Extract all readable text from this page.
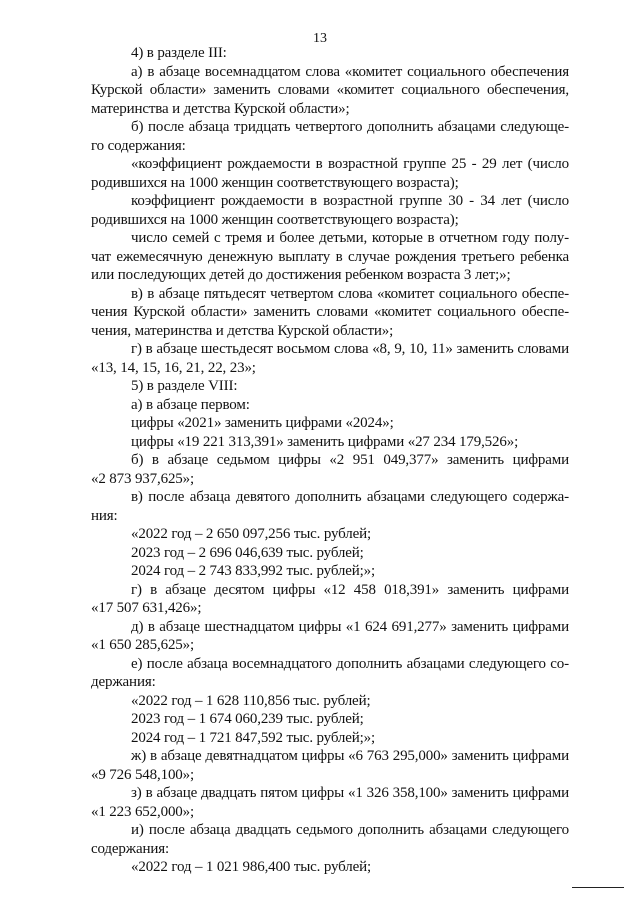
13
4) в разделе III:
а) в абзаце восемнадцатом слова «комитет социального обеспечения
Курской области» заменить словами «комитет социального обеспечения,
материнства и детства Курской области»;
б) после абзаца тридцать четвертого дополнить абзацами следующе-
го содержания:
«коэффициент рождаемости в возрастной группе 25 - 29 лет (число
родившихся на 1000 женщин соответствующего возраста);
коэффициент рождаемости в возрастной группе 30 - 34 лет (число
родившихся на 1000 женщин соответствующего возраста);
число семей с тремя и более детьми, которые в отчетном году полу-
чат ежемесячную денежную выплату в случае рождения третьего ребенка
или последующих детей до достижения ребенком возраста 3 лет;»;
в) в абзаце пятьдесят четвертом слова «комитет социального обеспе-
чения Курской области» заменить словами «комитет социального обеспе-
чения, материнства и детства Курской области»;
г) в абзаце шестьдесят восьмом слова «8, 9, 10, 11» заменить словами
«13, 14, 15, 16, 21, 22, 23»;
5) в разделе VIII:
а) в абзаце первом:
цифры «2021» заменить цифрами «2024»;
цифры «19 221 313,391» заменить цифрами «27 234 179,526»;
б) в абзаце седьмом цифры «2 951 049,377» заменить цифрами
«2 873 937,625»;
в) после абзаца девятого дополнить абзацами следующего содержа-
ния:
«2022 год – 2 650 097,256 тыс. рублей;
2023 год – 2 696 046,639 тыс. рублей;
2024 год – 2 743 833,992 тыс. рублей;»;
г) в абзаце десятом цифры «12 458 018,391» заменить цифрами
«17 507 631,426»;
д) в абзаце шестнадцатом цифры «1 624 691,277» заменить цифрами
«1 650 285,625»;
е) после абзаца восемнадцатого дополнить абзацами следующего со-
держания:
«2022 год – 1 628 110,856 тыс. рублей;
2023 год – 1 674 060,239 тыс. рублей;
2024 год – 1 721 847,592 тыс. рублей;»;
ж) в абзаце девятнадцатом цифры «6 763 295,000» заменить цифрами
«9 726 548,100»;
з) в абзаце двадцать пятом цифры «1 326 358,100» заменить цифрами
«1 223 652,000»;
и) после абзаца двадцать седьмого дополнить абзацами следующего
содержания:
«2022 год – 1 021 986,400 тыс. рублей;
